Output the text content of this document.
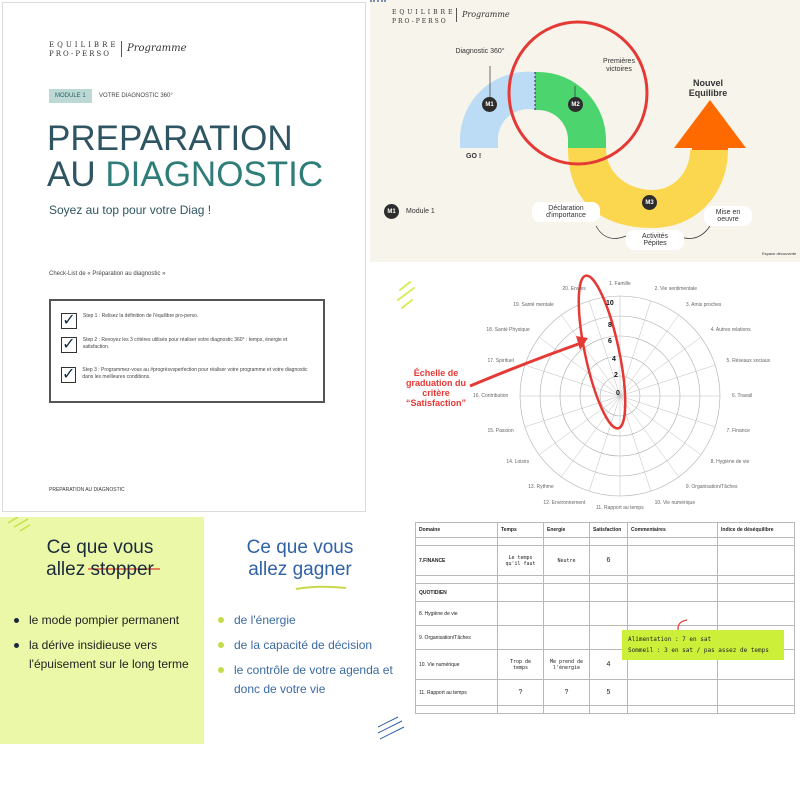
EQUILIBRE
PRO-PERSO	Programme
MODULE 1	VOTRE DIAGNOSTIC 360°
PREPARATION
AU DIAGNOSTIC
Soyez au top pour votre Diag !
Check-List de « Préparation au diagnostic »
✓ Step 1 : Relisez la définition de l'équilibre pro-perso.
✓ Step 2 : Revoyez les 3 critères utilisés pour réaliser votre diagnostic 360° : temps, énergie et satisfaction.
✓ Step 3 : Programmez-vous au #progrèsvsperfection pour réaliser votre programme et votre diagnostic dans les meilleures conditions.
PREPARATION AU DIAGNOSTIC
EQUILIBRE
PRO-PERSO
Programme
M1	M2
M3
Diagnostic 360°
Premières victoires
GO !
Nouvel Equilibre
Déclaration d'importance
Activités Pépites
Mise en oeuvre
M1	Module 1
Espace découverte
1. Famille
2. Vie sentimentale
3. Amis proches
4. Autres relations
5. Réseaux sociaux
6. Travail
7. Finance
8. Hygiène de vie
9. Organisation/Tâches
10. Vie numérique
11. Rapport au temps
12. Environnement
13. Rythme
14. Loisirs
15. Passion
16. Contribution
17. Spirituel
18. Santé Physique
19. Santé mentale
20. Envies
10
8
6
4
2
0
Échelle de graduation du critère “Satisfaction”
Ce que vous
allez stopper
le mode pompier permanent
la dérive insidieuse vers l'épuisement sur le long terme
Ce que vous
allez gagner
de l'énergie
de la capacité de décision
le contrôle de votre agenda et donc de votre vie
Domaine	Temps	Energie	Satisfaction	Commentaires	Indice de déséquilibre

7.FINANCE	Le temps qu'il faut	Neutre	6		

QUOTIDIEN					
8. Hygiène de vie					
9. Organisation/Tâches					
10. Vie numérique	Trop de temps	Me prend de l'énergie	4		
11. Rapport au temps	?	?	5		

Alimentation : 7 en sat
Sommeil : 3 en sat / pas assez de temps
